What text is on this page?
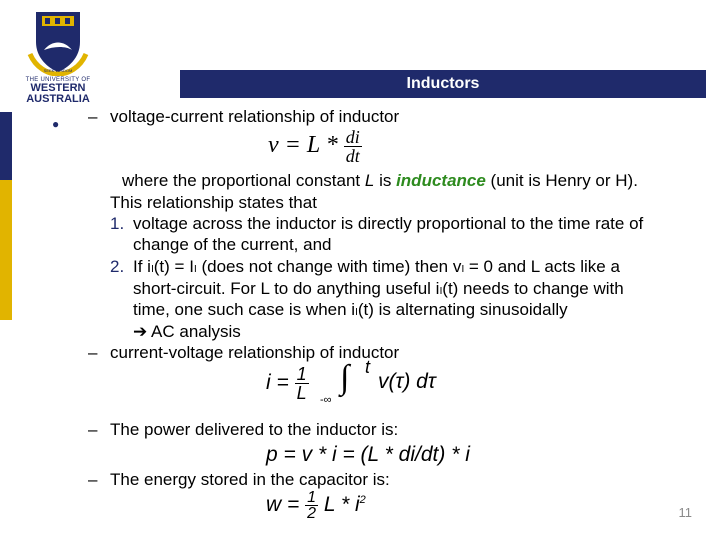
SEEK WISDOM
THE UNIVERSITY OF
WESTERN
AUSTRALIA
Inductors
● – voltage-current relationship of inductor
$v = L * \frac{di}{dt}$
where the proportional constant L is inductance (unit is Henry or H).
This relationship states that
1. voltage across the inductor is directly proportional to the time rate of
change of the current, and
2. If iₗ(t) = Iₗ (does not change with time) then vₗ = 0 and L acts like a
short-circuit. For L to do anything useful iₗ(t) needs to change with
time, one such case is when iₗ(t) is alternating sinusoidally
➔ AC analysis
– current-voltage relationship of inductor
$i = \frac{1}{L}$ ∫ t
-∞
v(τ) dτ
– The power delivered to the inductor is:
p = v * i = (L * di/dt) * i
– The energy stored in the capacitor is:
$w = \frac{1}{2}$ L * $i^2$
11
